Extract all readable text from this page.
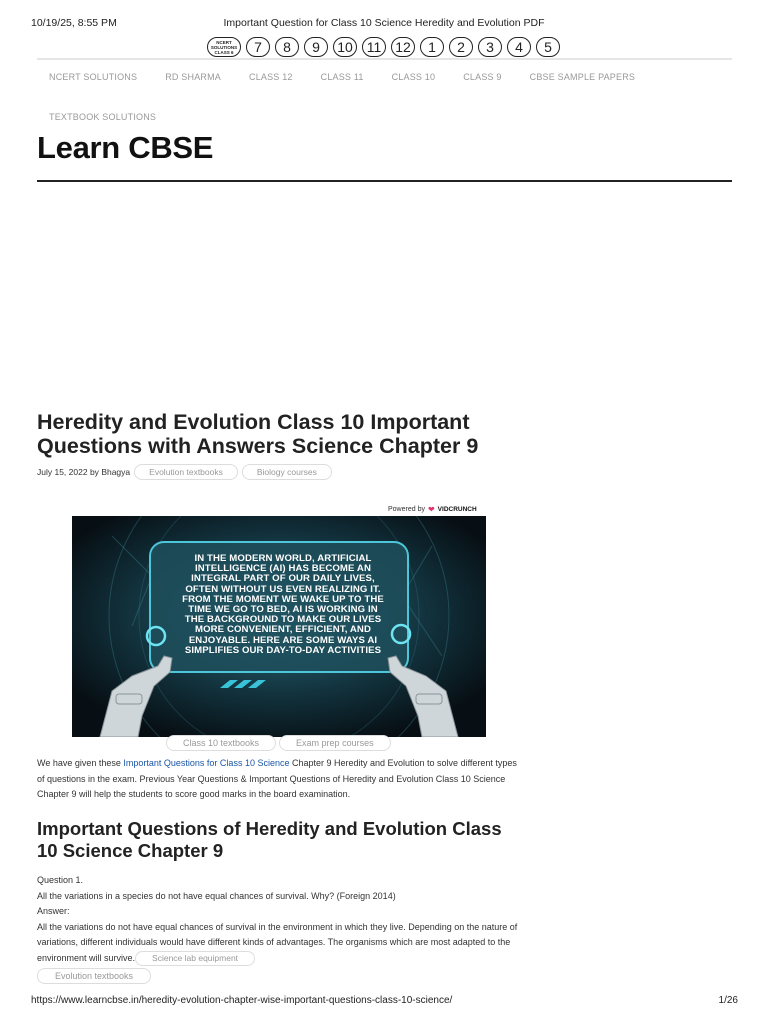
10/19/25, 8:55 PM	Important Question for Class 10 Science Heredity and Evolution PDF
NCERT SOLUTIONS CLASS 6	7	8	9	10 11 12	1	2	3	4	5
NCERT SOLUTIONS	RD SHARMA	CLASS 12	CLASS 11	CLASS 10	CLASS 9	CBSE SAMPLE PAPERS
TEXTBOOK SOLUTIONS
Learn CBSE
Heredity and Evolution Class 10 Important Questions with Answers Science Chapter 9
July 15, 2022
by
Bhagya	Evolution textbooks	Biology courses
Powered by ❤ VIDCRUNCH
IN THE MODERN WORLD, ARTIFICIAL INTELLIGENCE (AI) HAS BECOME AN INTEGRAL PART OF OUR DAILY LIVES, OFTEN WITHOUT US EVEN REALIZING IT. FROM THE MOMENT WE WAKE UP TO THE TIME WE GO TO BED, AI IS WORKING IN THE BACKGROUND TO MAKE OUR LIVES MORE CONVENIENT, EFFICIENT, AND ENJOYABLE. HERE ARE SOME WAYS AI SIMPLIFIES OUR DAY-TO-DAY ACTIVITIES
Class 10 textbooks	Exam prep courses

We have given these Important Questions for Class 10 Science Chapter 9 Heredity and Evolution to solve different types of questions in the exam. Previous Year Questions & Important Questions of Heredity and Evolution Class 10 Science Chapter 9 will help the students to score good marks in the board examination.

Important Questions of Heredity and Evolution Class 10 Science Chapter 9
Question 1.
All the variations in a species do not have equal chances of survival. Why? (Foreign 2014)
Answer:
All the variations do not have equal chances of survival in the environment in which they live. Depending on the nature of variations, different individuals would have different kinds of advantages. The organisms which are most adapted to the environment will survive. Science lab equipment
Evolution textbooks
https://www.learncbse.in/heredity-evolution-chapter-wise-important-questions-class-10-science/	1/26
